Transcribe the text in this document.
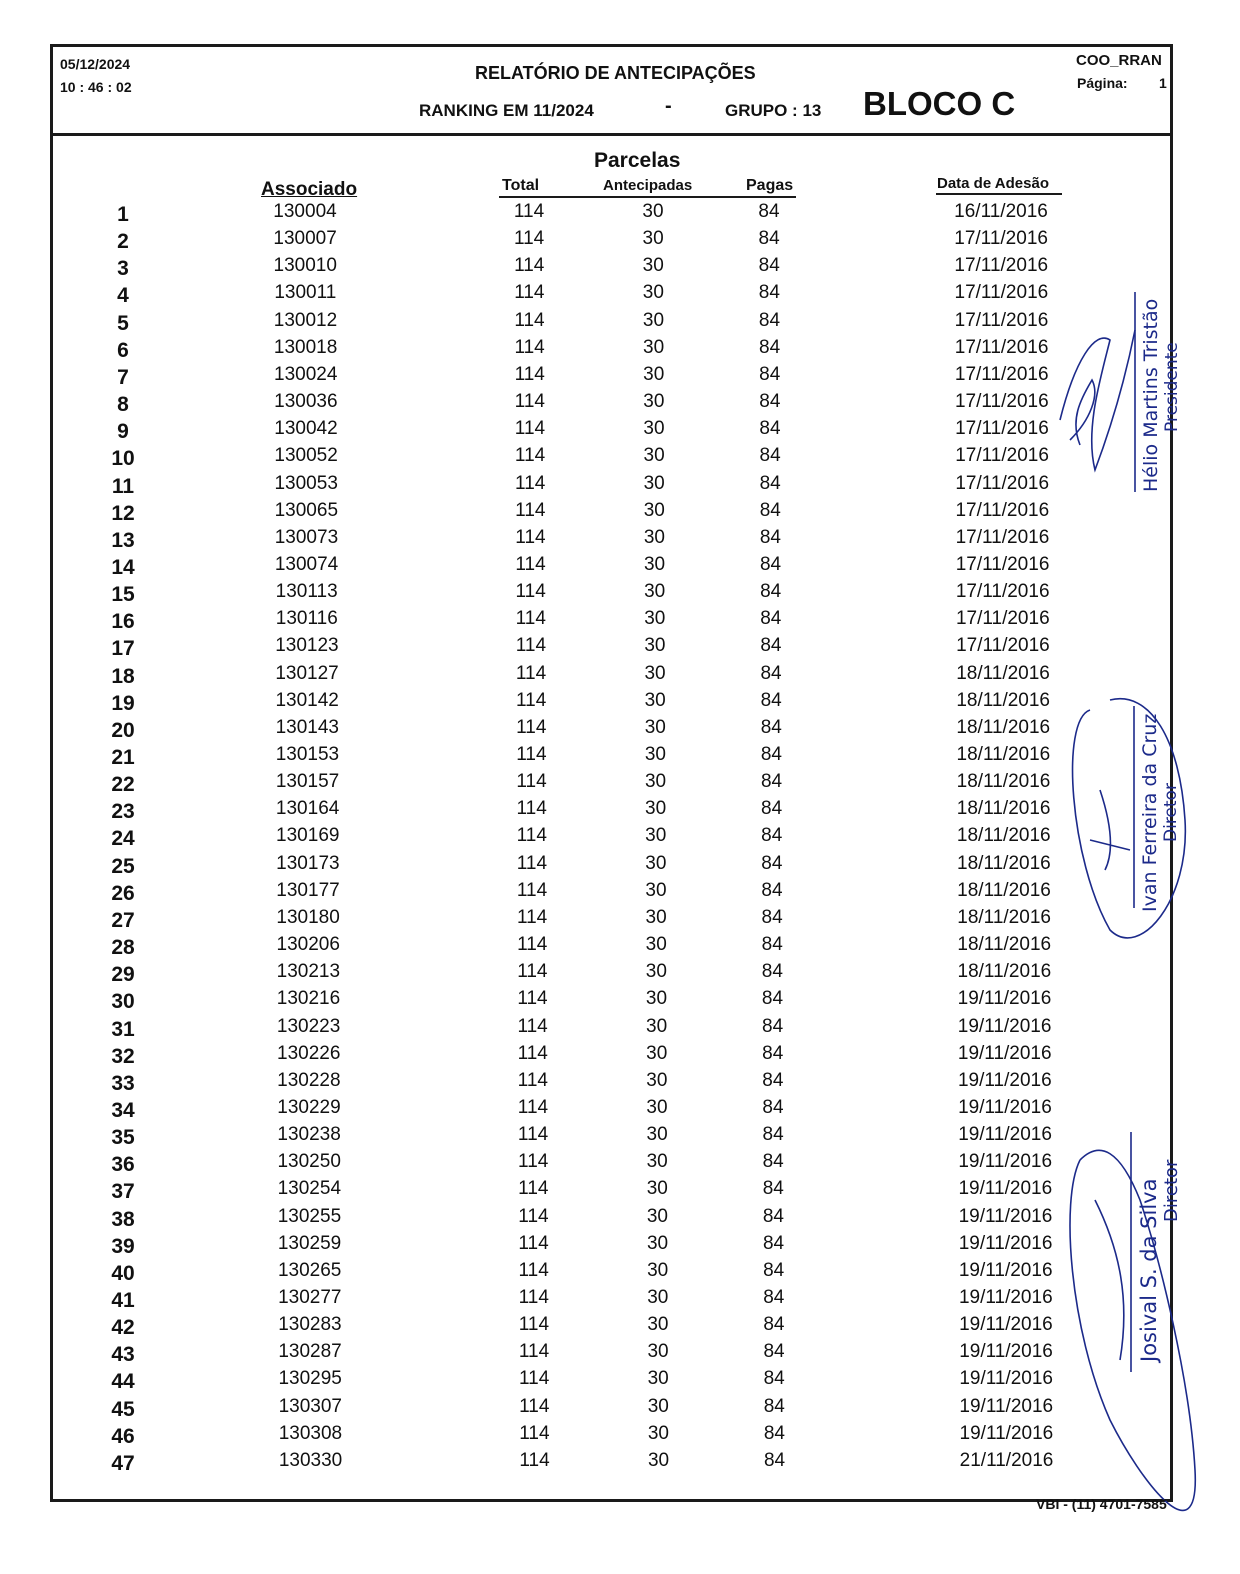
05/12/2024
10 : 46 : 02
RELATÓRIO DE ANTECIPAÇÕES
RANKING EM 11/2024	-	GRUPO : 13 BLOCO C
COO_RRAN
Página: 1
Parcelas
Associado	Total	Antecipadas	Pagas	Data de Adesão
1	130004	114	30	84	16/11/2016
2	130007	114	30	84	17/11/2016
3	130010	114	30	84	17/11/2016
4	130011	114	30	84	17/11/2016
5	130012	114	30	84	17/11/2016
6	130018	114	30	84	17/11/2016
7	130024	114	30	84	17/11/2016
8	130036	114	30	84	17/11/2016
9	130042	114	30	84	17/11/2016
10	130052	114	30	84	17/11/2016
11	130053	114	30	84	17/11/2016
12	130065	114	30	84	17/11/2016
13	130073	114	30	84	17/11/2016
14	130074	114	30	84	17/11/2016
15	130113	114	30	84	17/11/2016
16	130116	114	30	84	17/11/2016
17	130123	114	30	84	17/11/2016
18	130127	114	30	84	18/11/2016
19	130142	114	30	84	18/11/2016
20	130143	114	30	84	18/11/2016
21	130153	114	30	84	18/11/2016
22	130157	114	30	84	18/11/2016
23	130164	114	30	84	18/11/2016
24	130169	114	30	84	18/11/2016
25	130173	114	30	84	18/11/2016
26	130177	114	30	84	18/11/2016
27	130180	114	30	84	18/11/2016
28	130206	114	30	84	18/11/2016
29	130213	114	30	84	18/11/2016
30	130216	114	30	84	19/11/2016
31	130223	114	30	84	19/11/2016
32	130226	114	30	84	19/11/2016
33	130228	114	30	84	19/11/2016
34	130229	114	30	84	19/11/2016
35	130238	114	30	84	19/11/2016
36	130250	114	30	84	19/11/2016
37	130254	114	30	84	19/11/2016
38	130255	114	30	84	19/11/2016
39	130259	114	30	84	19/11/2016
40	130265	114	30	84	19/11/2016
41	130277	114	30	84	19/11/2016
42	130283	114	30	84	19/11/2016
43	130287	114	30	84	19/11/2016
44	130295	114	30	84	19/11/2016
45	130307	114	30	84	19/11/2016
46	130308	114	30	84	19/11/2016
47	130330	114	30	84	21/11/2016
Hélio Martins Tristão Presidente
Ivan Ferreira da Cruz Diretor
Josival S. da Silva Diretor
VBI - (11) 4701-7585
